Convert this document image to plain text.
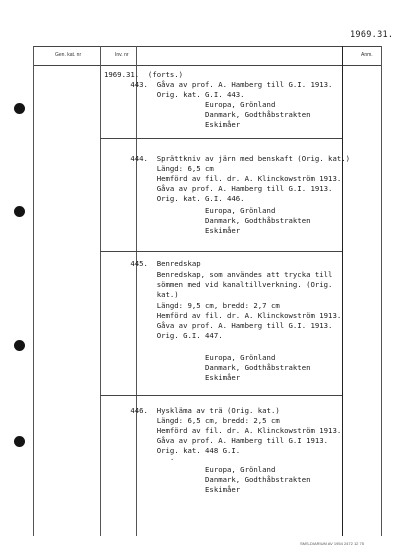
1969.31.
Gen. kat. nr	Inv. nr	Anm.
1969.31.  (forts.)
443.  Gåva av prof. A. Hamberg till G.I. 1913.
Orig. kat. G.I. 443.
Europa, Grönland
Danmark, Godthåbstrakten
Eskimåer
444.  Sprättkniv av järn med benskaft (Orig. kat.)
Längd: 6,5 cm
Hemförd av fil. dr. A. Klinckowström 1913.
Gåva av prof. A. Hamberg till G.I. 1913.
Orig. kat. G.I. 446.
Europa, Grönland
Danmark, Godthåbstrakten
Eskimåer
445.  Benredskap
Benredskap, som användes att trycka till
sömmen med vid kanaltillverkning. (Orig.
kat.)
Längd: 9,5 cm, bredd: 2,7 cm
Hemförd av fil. dr. A. Klinckowström 1913.
Gåva av prof. A. Hamberg till G.I. 1913.
Orig. G.I. 447.
Europa, Grönland
Danmark, Godthåbstrakten
Eskimåer
446.  Hyskläma av trä (Orig. kat.)
Längd: 6,5 cm, bredd: 2,5 cm
Hemförd av fil. dr. A. Klinckowström 1913.
Gåva av prof. A. Hamberg till G.I 1913.
Orig. kat. 448 G.I.
·
Europa, Grönland
Danmark, Godthåbstrakten
Eskimåer
SMS-DIARIUM AV 1954 2472 12 75
